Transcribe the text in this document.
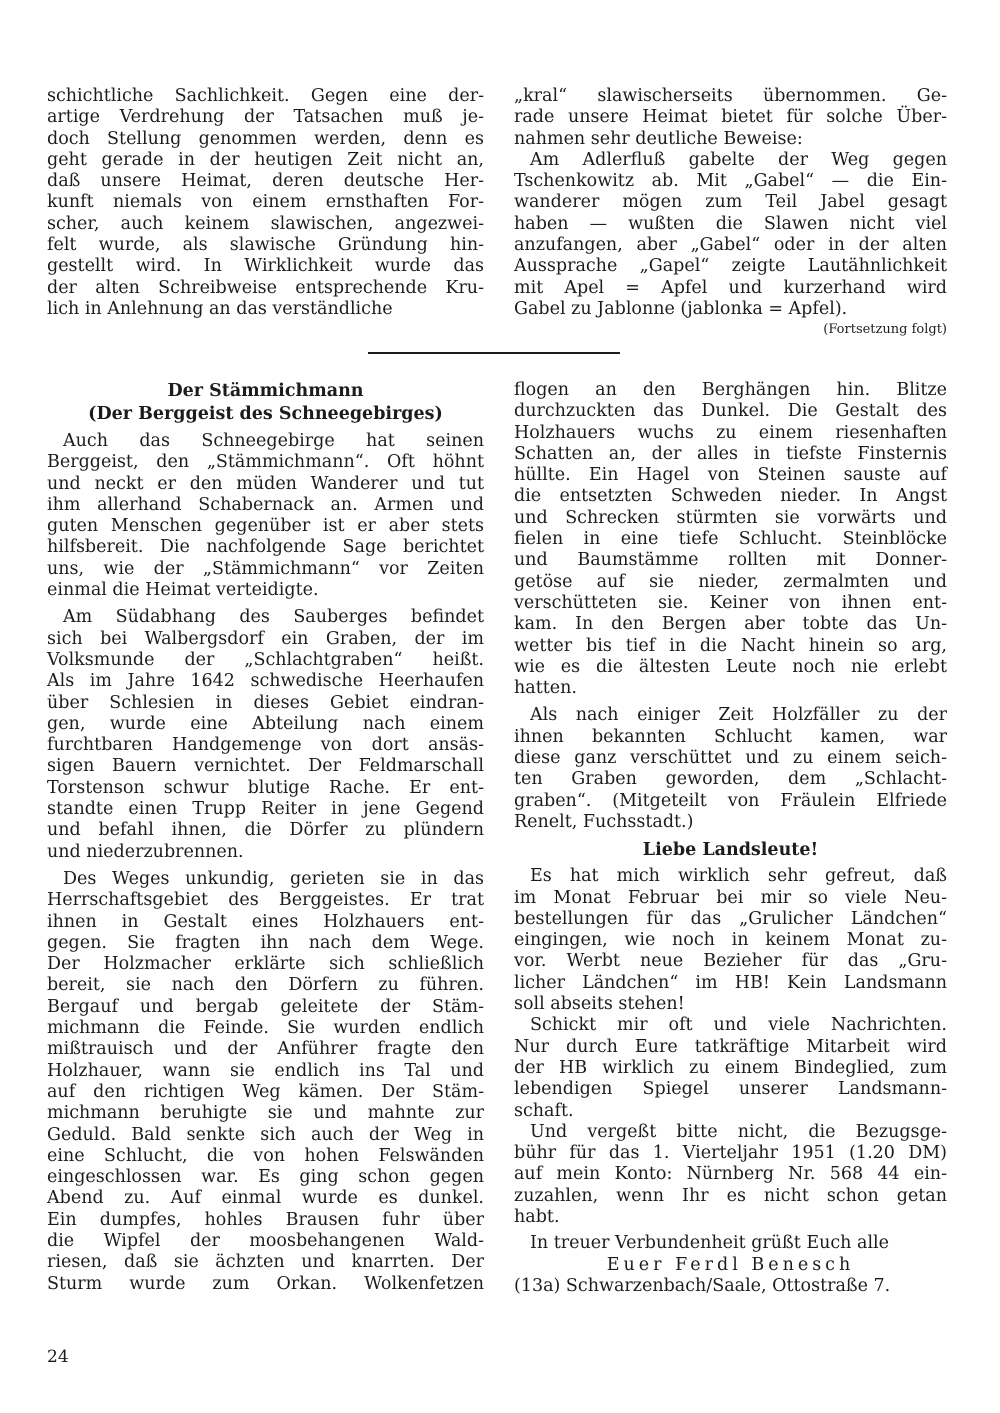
schichtliche Sachlichkeit. Gegen eine der-
artige Verdrehung der Tatsachen muß je-
doch Stellung genommen werden, denn es
geht gerade in der heutigen Zeit nicht an,
daß unsere Heimat, deren deutsche Her-
kunft niemals von einem ernsthaften For-
scher, auch keinem slawischen, angezwei-
felt wurde, als slawische Gründung hin-
gestellt wird. In Wirklichkeit wurde das
der alten Schreibweise entsprechende Kru-
lich in Anlehnung an das verständliche
„kral“ slawischerseits übernommen. Ge-
rade unsere Heimat bietet für solche Über-
nahmen sehr deutliche Beweise:
Am Adlerfluß gabelte der Weg gegen
Tschenkowitz ab. Mit „Gabel“ — die Ein-
wanderer mögen zum Teil Jabel gesagt
haben — wußten die Slawen nicht viel
anzufangen, aber „Gabel“ oder in der alten
Aussprache „Gapel“ zeigte Lautähnlichkeit
mit Apel = Apfel und kurzerhand wird
Gabel zu Jablonne (jablonka = Apfel).
(Fortsetzung folgt)
Der Stämmichmann
(Der Berggeist des Schneegebirges)
Auch das Schneegebirge hat seinen
Berggeist, den „Stämmichmann“. Oft höhnt
und neckt er den müden Wanderer und tut
ihm allerhand Schabernack an. Armen und
guten Menschen gegenüber ist er aber stets
hilfsbereit. Die nachfolgende Sage berichtet
uns, wie der „Stämmichmann“ vor Zeiten
einmal die Heimat verteidigte.
Am Südabhang des Sauberges befindet
sich bei Walbergsdorf ein Graben, der im
Volksmunde der „Schlachtgraben“ heißt.
Als im Jahre 1642 schwedische Heerhaufen
über Schlesien in dieses Gebiet eindran-
gen, wurde eine Abteilung nach einem
furchtbaren Handgemenge von dort ansäs-
sigen Bauern vernichtet. Der Feldmarschall
Torstenson schwur blutige Rache. Er ent-
standte einen Trupp Reiter in jene Gegend
und befahl ihnen, die Dörfer zu plündern
und niederzubrennen.
Des Weges unkundig, gerieten sie in das
Herrschaftsgebiet des Berggeistes. Er trat
ihnen in Gestalt eines Holzhauers ent-
gegen. Sie fragten ihn nach dem Wege.
Der Holzmacher erklärte sich schließlich
bereit, sie nach den Dörfern zu führen.
Bergauf und bergab geleitete der Stäm-
michmann die Feinde. Sie wurden endlich
mißtrauisch und der Anführer fragte den
Holzhauer, wann sie endlich ins Tal und
auf den richtigen Weg kämen. Der Stäm-
michmann beruhigte sie und mahnte zur
Geduld. Bald senkte sich auch der Weg in
eine Schlucht, die von hohen Felswänden
eingeschlossen war. Es ging schon gegen
Abend zu. Auf einmal wurde es dunkel.
Ein dumpfes, hohles Brausen fuhr über
die Wipfel der moosbehangenen Wald-
riesen, daß sie ächzten und knarrten. Der
Sturm wurde zum Orkan. Wolkenfetzen
flogen an den Berghängen hin. Blitze
durchzuckten das Dunkel. Die Gestalt des
Holzhauers wuchs zu einem riesenhaften
Schatten an, der alles in tiefste Finsternis
hüllte. Ein Hagel von Steinen sauste auf
die entsetzten Schweden nieder. In Angst
und Schrecken stürmten sie vorwärts und
fielen in eine tiefe Schlucht. Steinblöcke
und Baumstämme rollten mit Donner-
getöse auf sie nieder, zermalmten und
verschütteten sie. Keiner von ihnen ent-
kam. In den Bergen aber tobte das Un-
wetter bis tief in die Nacht hinein so arg,
wie es die ältesten Leute noch nie erlebt
hatten.
Als nach einiger Zeit Holzfäller zu der
ihnen bekannten Schlucht kamen, war
diese ganz verschüttet und zu einem seich-
ten Graben geworden, dem „Schlacht-
graben“. (Mitgeteilt von Fräulein Elfriede
Renelt, Fuchsstadt.)
Liebe Landsleute!
Es hat mich wirklich sehr gefreut, daß
im Monat Februar bei mir so viele Neu-
bestellungen für das „Grulicher Ländchen“
eingingen, wie noch in keinem Monat zu-
vor. Werbt neue Bezieher für das „Gru-
licher Ländchen“ im HB! Kein Landsmann
soll abseits stehen!
Schickt mir oft und viele Nachrichten.
Nur durch Eure tatkräftige Mitarbeit wird
der HB wirklich zu einem Bindeglied, zum
lebendigen Spiegel unserer Landsmann-
schaft.
Und vergeßt bitte nicht, die Bezugsge-
bühr für das 1. Vierteljahr 1951 (1.20 DM)
auf mein Konto: Nürnberg Nr. 568 44 ein-
zuzahlen, wenn Ihr es nicht schon getan
habt.
In treuer Verbundenheit grüßt Euch alle
Euer Ferdl Benesch
(13a) Schwarzenbach/Saale, Ottostraße 7.
24
